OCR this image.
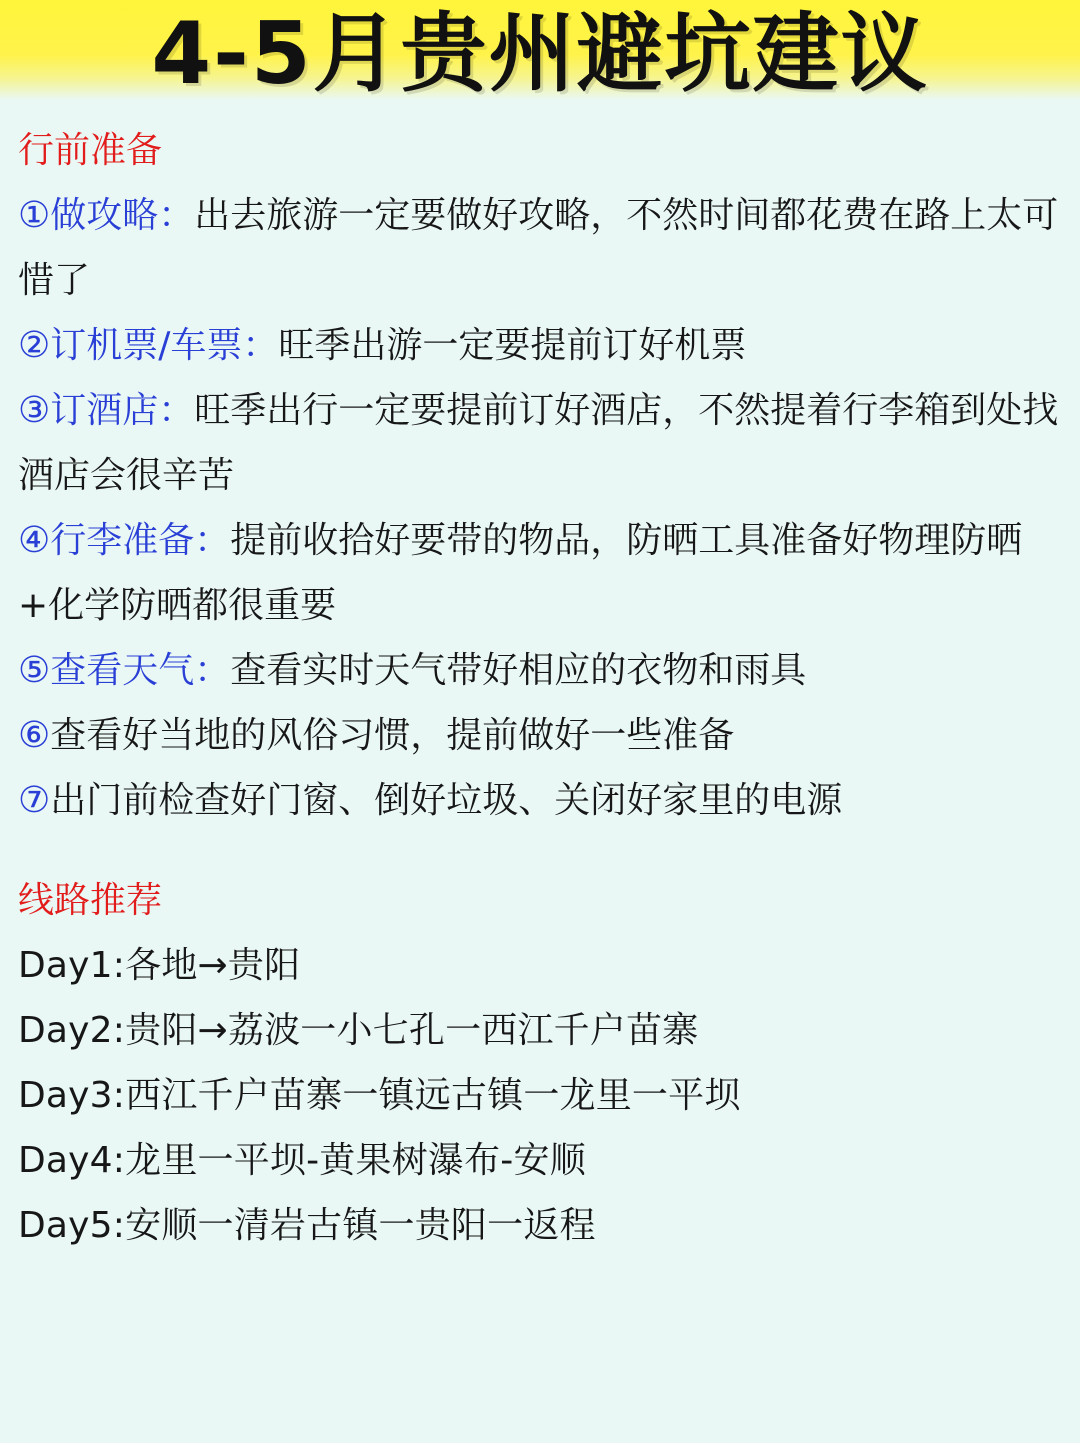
4-5月贵州避坑建议
行前准备
①做攻略：出去旅游一定要做好攻略，不然时间都花费在路上太可惜了
②订机票/车票：旺季出游一定要提前订好机票
③订酒店：旺季出行一定要提前订好酒店，不然提着行李箱到处找酒店会很辛苦
④行李准备：提前收拾好要带的物品，防晒工具准备好物理防晒+化学防晒都很重要
⑤查看天气：查看实时天气带好相应的衣物和雨具
⑥查看好当地的风俗习惯，提前做好一些准备
⑦出门前检查好门窗、倒好垃圾、关闭好家里的电源
线路推荐
Day1:各地→贵阳
Day2:贵阳→荔波一小七孔一西江千户苗寨
Day3:西江千户苗寨一镇远古镇一龙里一平坝
Day4:龙里一平坝-黄果树瀑布-安顺
Day5:安顺一清岩古镇一贵阳一返程
